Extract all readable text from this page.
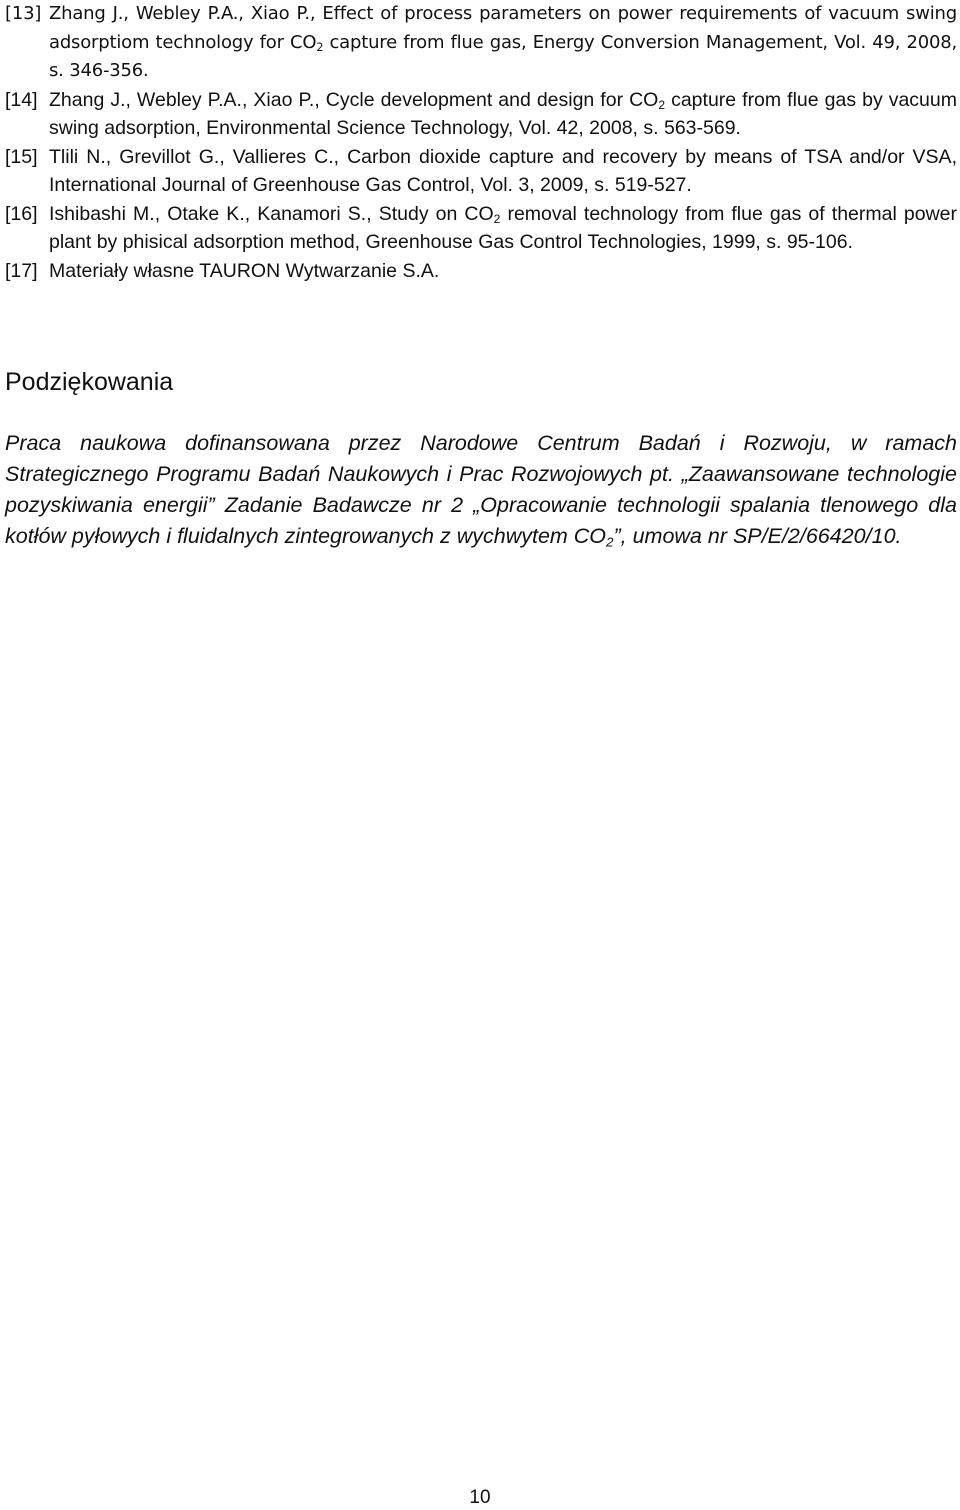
[13] Zhang J., Webley P.A., Xiao P., Effect of process parameters on power requirements of vacuum swing adsorptiom technology for $CO_2$ capture from flue gas, Energy Conversion Management, Vol. 49, 2008, s. 346-356.

[14] Zhang J., Webley P.A., Xiao P., Cycle development and design for $CO_2$ capture from flue gas by vacuum swing adsorption, Environmental Science Technology, Vol. 42, 2008, s. 563-569.

[15] Tlili N., Grevillot G., Vallieres C., Carbon dioxide capture and recovery by means of TSA and/or VSA, International Journal of Greenhouse Gas Control, Vol. 3, 2009, s. 519-527.

[16] Ishibashi M., Otake K., Kanamori S., Study on $CO_2$ removal technology from flue gas of thermal power plant by phisical adsorption method, Greenhouse Gas Control Technologies, 1999, s. 95-106.

[17] Materiały własne TAURON Wytwarzanie S.A.

Podziękowania

Praca naukowa dofinansowana przez Narodowe Centrum Badań i Rozwoju, w ramach Strategicznego Programu Badań Naukowych i Prac Rozwojowych pt. „Zaawansowane technologie pozyskiwania energii” Zadanie Badawcze nr 2 „Opracowanie technologii spalania tlenowego dla kotłów pyłowych i fluidalnych zintegrowanych z wychwytem $CO_2$”, umowa nr SP/E/2/66420/10.

10
